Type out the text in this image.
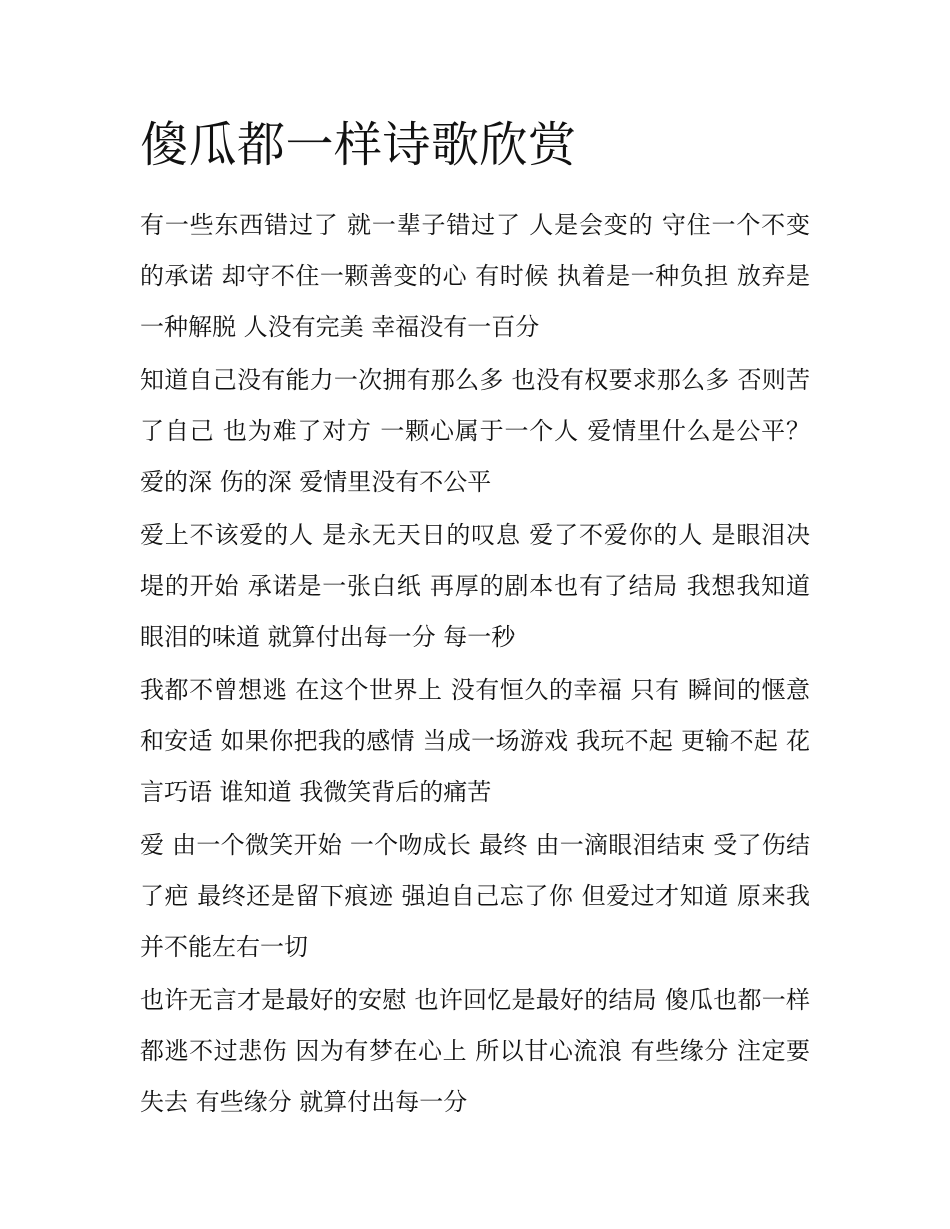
傻瓜都一样诗歌欣赏

有一些东西错过了 就一辈子错过了 人是会变的 守住一个不变的承诺 却守不住一颗善变的心 有时候 执着是一种负担 放弃是一种解脱 人没有完美 幸福没有一百分

知道自己没有能力一次拥有那么多 也没有权要求那么多 否则苦了自己 也为难了对方 一颗心属于一个人 爱情里什么是公平？ 爱的深 伤的深 爱情里没有不公平

爱上不该爱的人 是永无天日的叹息 爱了不爱你的人 是眼泪决堤的开始 承诺是一张白纸 再厚的剧本也有了结局 我想我知道眼泪的味道 就算付出每一分 每一秒

我都不曾想逃 在这个世界上 没有恒久的幸福 只有 瞬间的惬意和安适 如果你把我的感情 当成一场游戏 我玩不起 更输不起 花言巧语 谁知道 我微笑背后的痛苦

爱 由一个微笑开始 一个吻成长 最终 由一滴眼泪结束 受了伤结了疤 最终还是留下痕迹 强迫自己忘了你 但爱过才知道 原来我并不能左右一切

也许无言才是最好的安慰 也许回忆是最好的结局 傻瓜也都一样 都逃不过悲伤 因为有梦在心上 所以甘心流浪 有些缘分 注定要失去 有些缘分 就算付出每一分
